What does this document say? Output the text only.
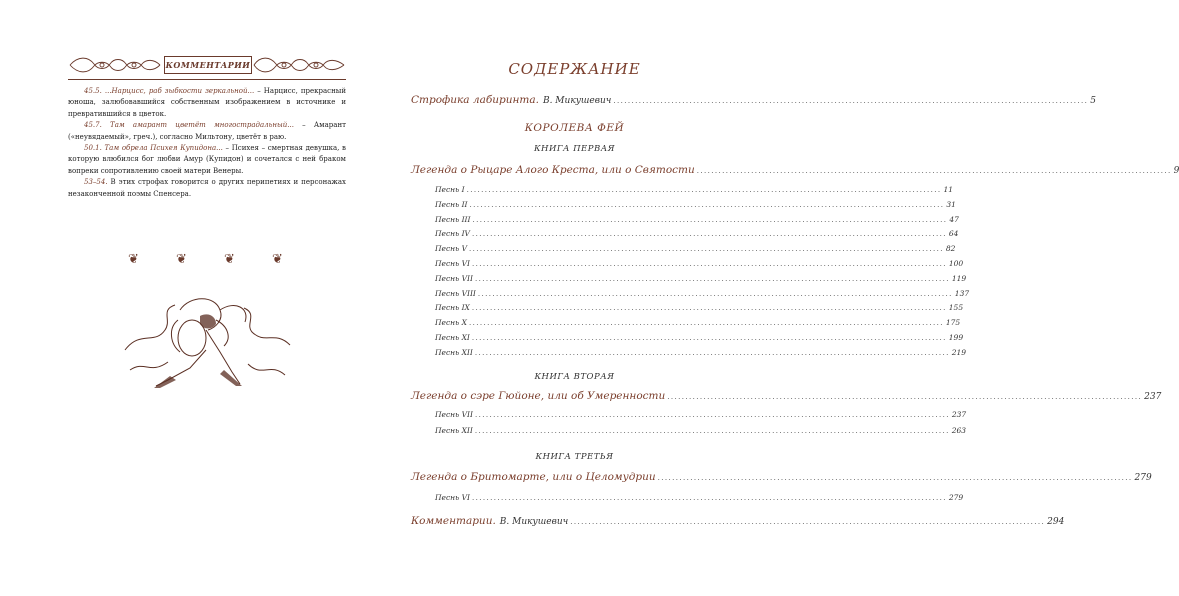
КОММЕНТАРИИ

45.5. ...Нарцисс, раб зыбкости зеркальной... – Нарцисс, прекрасный юноша, залюбовавшийся собственным изображением в источнике и превратившийся в цветок.

45.7. Там амарант цветёт многострадальный... – Амарант («неувядаемый», греч.), согласно Мильтону, цветёт в раю.

50.1. Там обрела Психея Купидона... – Психея – смертная девушка, в которую влюбился бог любви Амур (Купидон) и сочетался с ней браком вопреки сопротивлению своей матери Венеры.

53–54. В этих строфах говорится о других перипетиях и персонажах незаконченной поэмы Спенсера.

❦	❦	❦	❦
СОДЕРЖАНИЕ
Строфика лабиринта. В. Микушевич ................................................................................................................................... 5
КОРОЛЕВА ФЕЙ
КНИГА ПЕРВАЯ
Легенда о Рыцаре Алого Креста, или о Святости ................................................................................................................................... 9
Песнь I ................................................................................................................................... 11
Песнь II ................................................................................................................................... 31
Песнь III ................................................................................................................................... 47
Песнь IV ................................................................................................................................... 64
Песнь V ................................................................................................................................... 82
Песнь VI ................................................................................................................................... 100
Песнь VII ................................................................................................................................... 119
Песнь VIII ................................................................................................................................... 137
Песнь IX ................................................................................................................................... 155
Песнь X ................................................................................................................................... 175
Песнь XI ................................................................................................................................... 199
Песнь XII ................................................................................................................................... 219
КНИГА ВТОРАЯ
Легенда о сэре Гюйоне, или об Умеренности ................................................................................................................................... 237
Песнь VII ................................................................................................................................... 237
Песнь XII ................................................................................................................................... 263
КНИГА ТРЕТЬЯ
Легенда о Бритомарте, или о Целомудрии ................................................................................................................................... 279
Песнь VI ................................................................................................................................... 279
Комментарии. В. Микушевич ................................................................................................................................... 294
